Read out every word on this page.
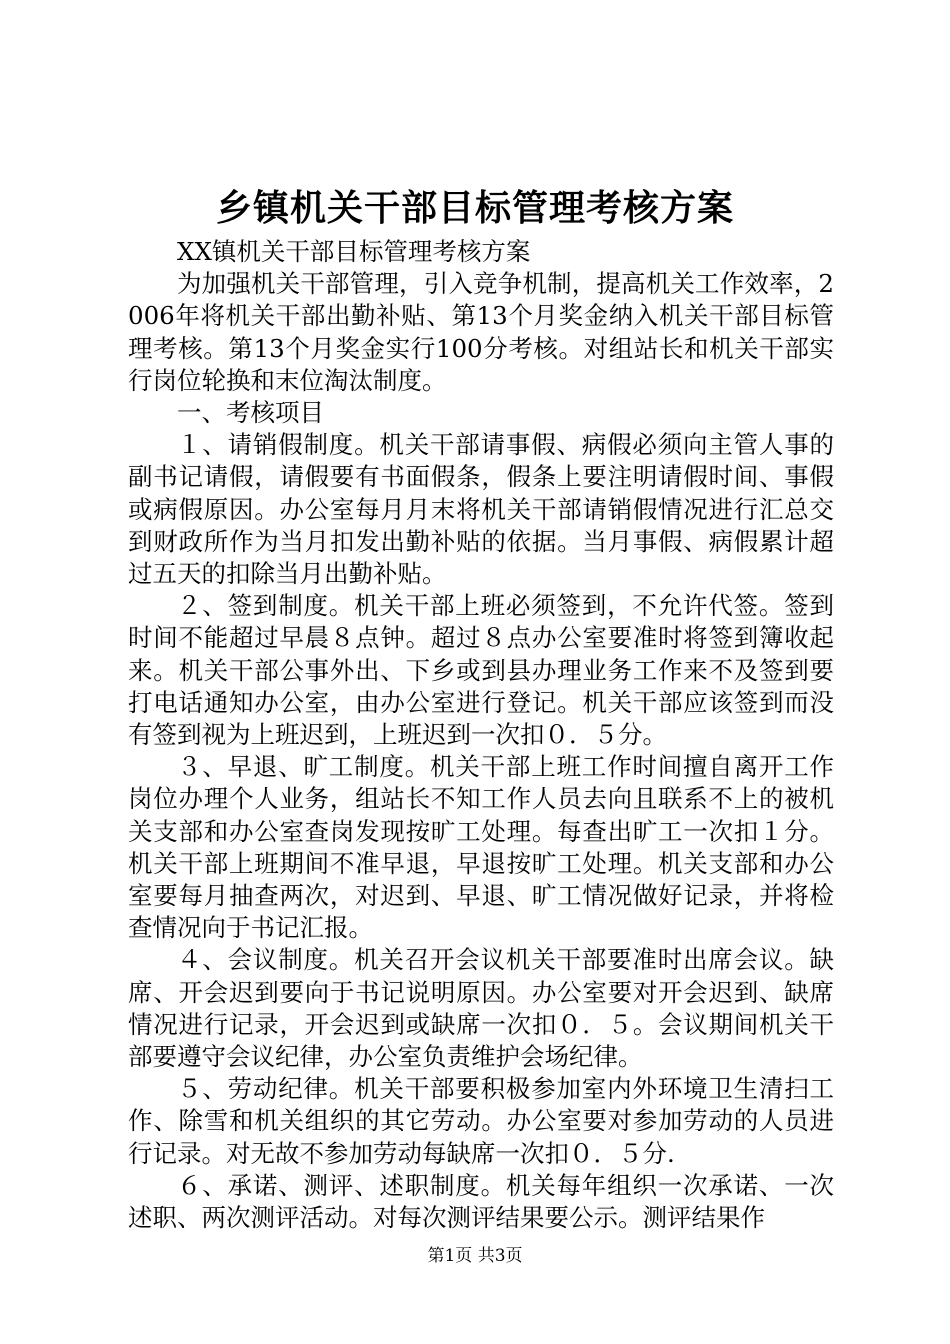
乡镇机关干部目标管理考核方案

XX镇机关干部目标管理考核方案

为加强机关干部管理，引入竞争机制，提高机关工作效率，2006年将机关干部出勤补贴、第13个月奖金纳入机关干部目标管理考核。第13个月奖金实行100分考核。对组站长和机关干部实行岗位轮换和末位淘汰制度。

一、考核项目

１、请销假制度。机关干部请事假、病假必须向主管人事的副书记请假，请假要有书面假条，假条上要注明请假时间、事假或病假原因。办公室每月月末将机关干部请销假情况进行汇总交到财政所作为当月扣发出勤补贴的依据。当月事假、病假累计超过五天的扣除当月出勤补贴。

２、签到制度。机关干部上班必须签到，不允许代签。签到时间不能超过早晨８点钟。超过８点办公室要准时将签到簿收起来。机关干部公事外出、下乡或到县办理业务工作来不及签到要打电话通知办公室，由办公室进行登记。机关干部应该签到而没有签到视为上班迟到，上班迟到一次扣０．５分。

３、早退、旷工制度。机关干部上班工作时间擅自离开工作岗位办理个人业务，组站长不知工作人员去向且联系不上的被机关支部和办公室查岗发现按旷工处理。每查出旷工一次扣１分。机关干部上班期间不准早退，早退按旷工处理。机关支部和办公室要每月抽查两次，对迟到、早退、旷工情况做好记录，并将检查情况向于书记汇报。

４、会议制度。机关召开会议机关干部要准时出席会议。缺席、开会迟到要向于书记说明原因。办公室要对开会迟到、缺席情况进行记录，开会迟到或缺席一次扣０．５。会议期间机关干部要遵守会议纪律，办公室负责维护会场纪律。

５、劳动纪律。机关干部要积极参加室内外环境卫生清扫工作、除雪和机关组织的其它劳动。办公室要对参加劳动的人员进行记录。对无故不参加劳动每缺席一次扣０．５分.

６、承诺、测评、述职制度。机关每年组织一次承诺、一次述职、两次测评活动。对每次测评结果要公示。测评结果作

第1页 共3页
